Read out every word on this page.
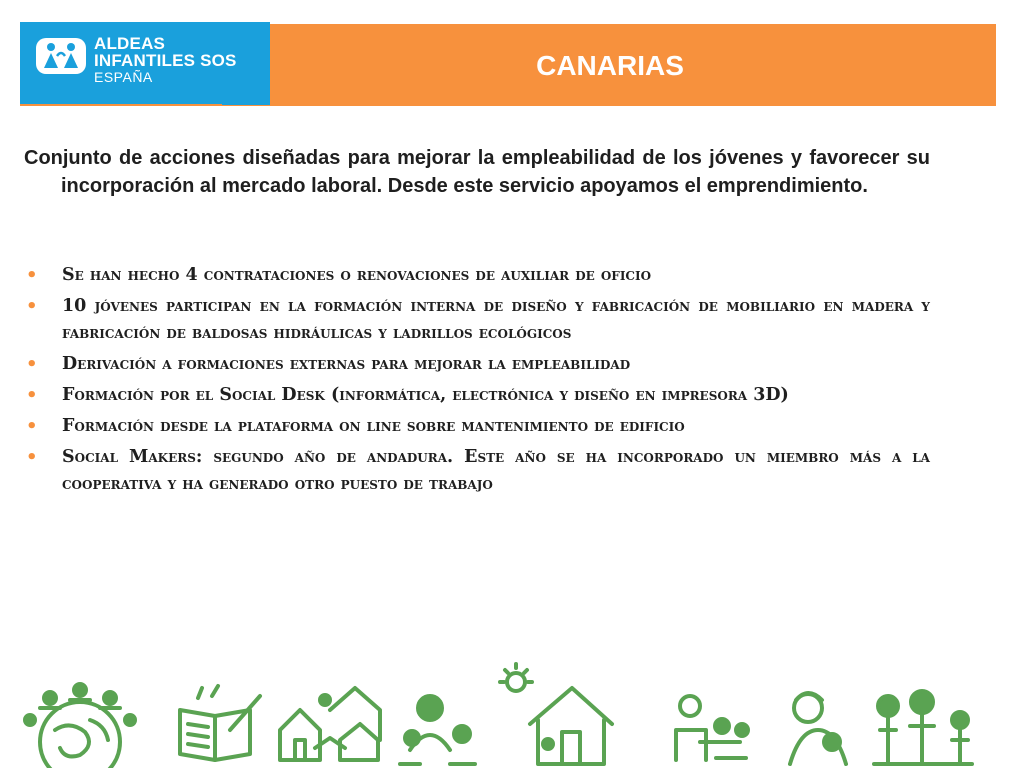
ALDEAS
INFANTILES SOS
ESPAÑA	CANARIAS
Conjunto de acciones diseñadas para mejorar la empleabilidad de los jóvenes y favorecer su incorporación al mercado laboral. Desde este servicio apoyamos el emprendimiento.
• Se han hecho 4 contrataciones o renovaciones de auxiliar de oficio
• 10 jóvenes participan en la formación interna de diseño y fabricación de mobiliario en madera y fabricación de baldosas hidráulicas y ladrillos ecológicos
• Derivación a formaciones externas para mejorar la empleabilidad
• Formación por el Social Desk (informática, electrónica y diseño en impresora 3D)
• Formación desde la plataforma on line sobre mantenimiento de edificio
• Social Makers: segundo año de andadura. Este año se ha incorporado un miembro más a la cooperativa y ha generado otro puesto de trabajo
